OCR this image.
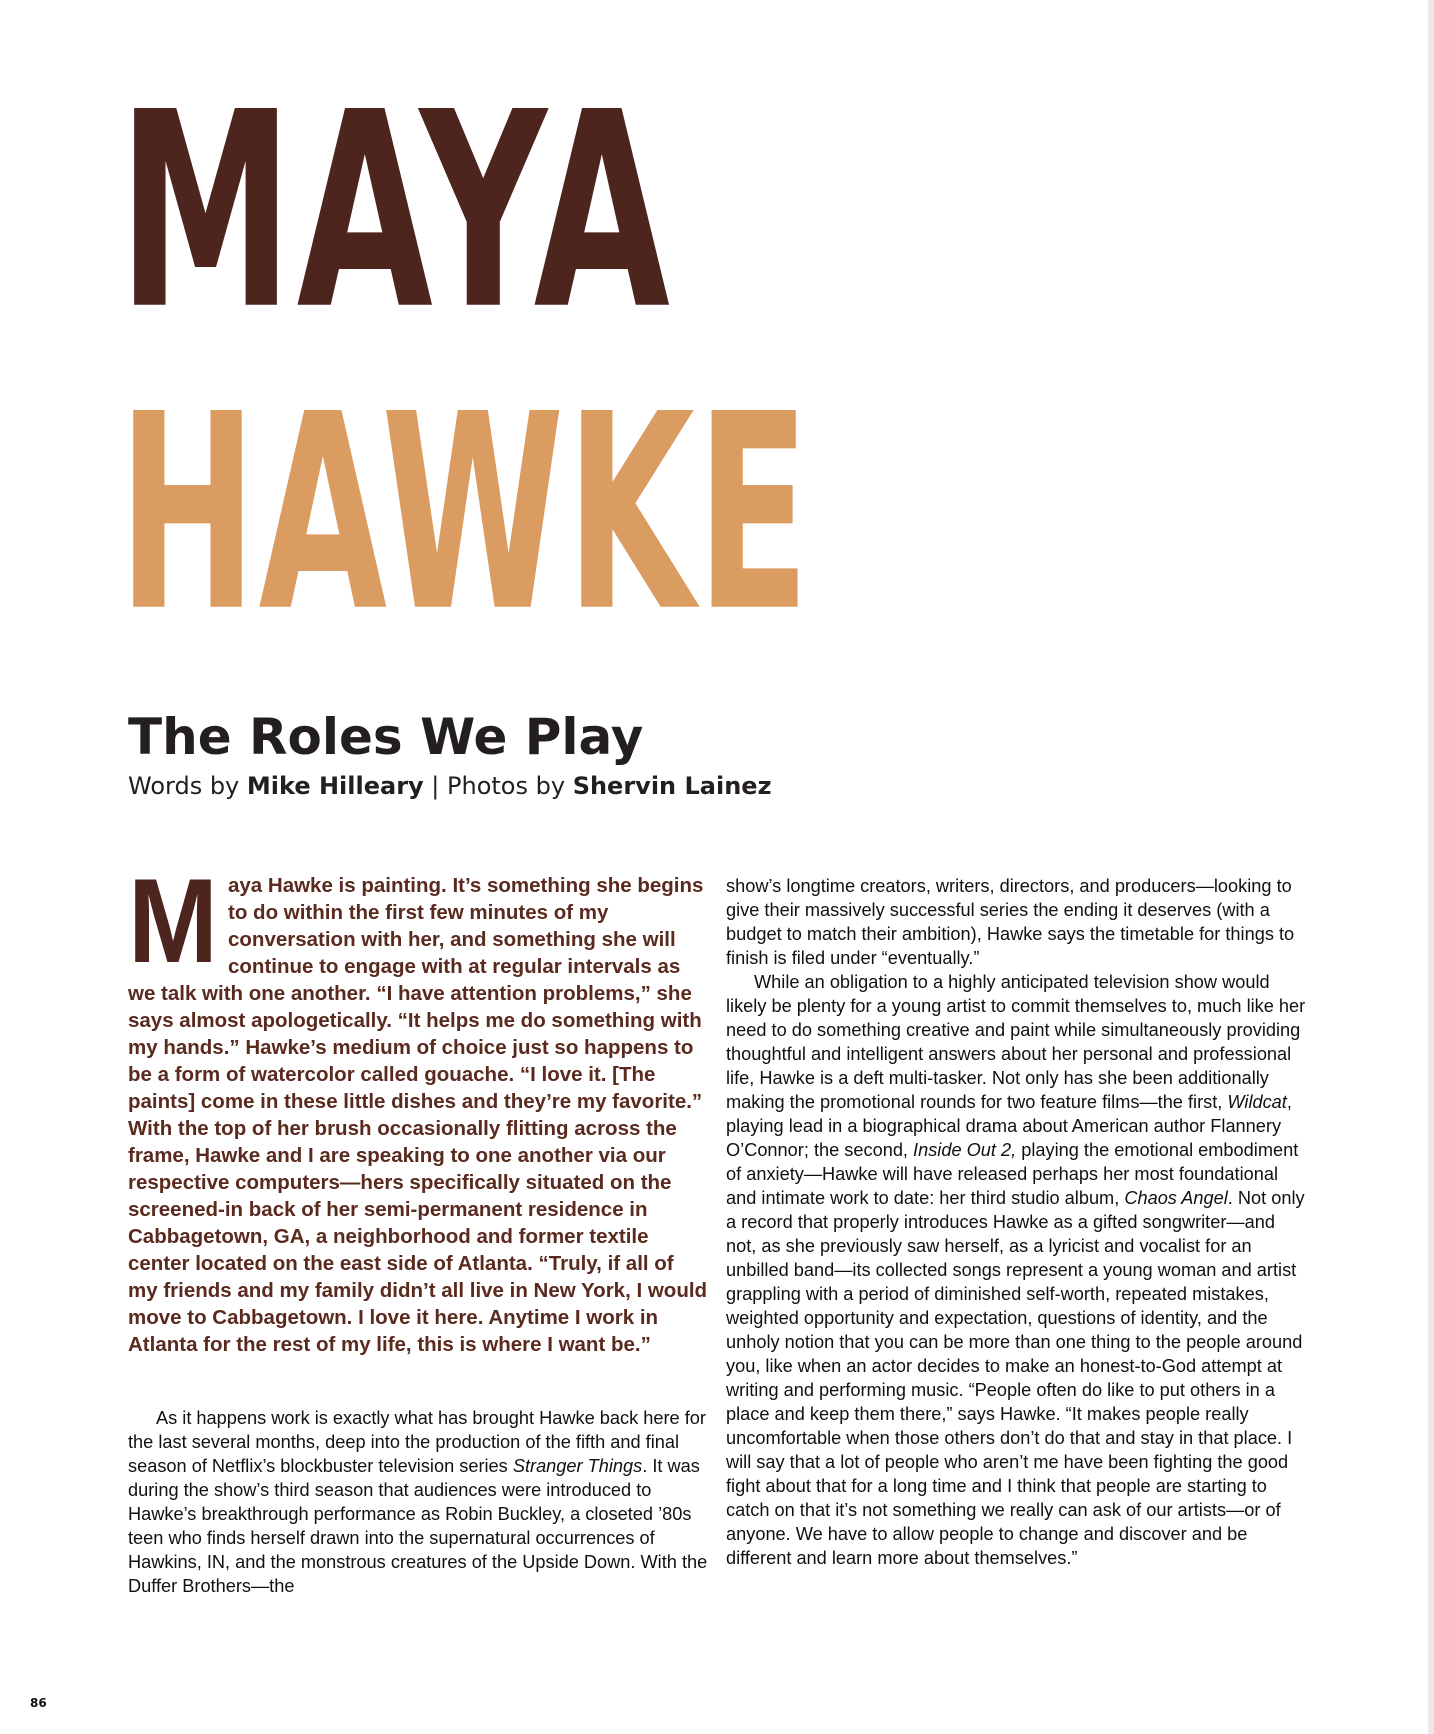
MAYA
HAWKE
The Roles We Play
Words by Mike Hilleary | Photos by Shervin Lainez

Maya Hawke is painting. It’s something she begins to do within the first few minutes of my conversation with her, and something she will continue to engage with at regular intervals as we talk with one another. “I have attention problems,” she says almost apologetically. “It helps me do something with my hands.” Hawke’s medium of choice just so happens to be a form of watercolor called gouache. “I love it. [The paints] come in these little dishes and they’re my favorite.” With the top of her brush occasionally flitting across the frame, Hawke and I are speaking to one another via our respective computers—hers specifically situated on the screened-in back of her semi-permanent residence in Cabbagetown, GA, a neighborhood and former textile center located on the east side of Atlanta. “Truly, if all of my friends and my family didn’t all live in New York, I would move to Cabbagetown. I love it here. Anytime I work in Atlanta for the rest of my life, this is where I want be.”

As it happens work is exactly what has brought Hawke back here for the last several months, deep into the production of the fifth and final season of Netflix’s blockbuster television series Stranger Things. It was during the show’s third season that audiences were introduced to Hawke’s breakthrough performance as Robin Buckley, a closeted ’80s teen who finds herself drawn into the supernatural occurrences of Hawkins, IN, and the monstrous creatures of the Upside Down. With the Duffer Brothers—the

show’s longtime creators, writers, directors, and producers—looking to give their massively successful series the ending it deserves (with a budget to match their ambition), Hawke says the timetable for things to finish is filed under “eventually.”

While an obligation to a highly anticipated television show would likely be plenty for a young artist to commit themselves to, much like her need to do something creative and paint while simultaneously providing thoughtful and intelligent answers about her personal and professional life, Hawke is a deft multi-tasker. Not only has she been additionally making the promotional rounds for two feature films—the first, Wildcat, playing lead in a biographical drama about American author Flannery O’Connor; the second, Inside Out 2, playing the emotional embodiment of anxiety—Hawke will have released perhaps her most foundational and intimate work to date: her third studio album, Chaos Angel. Not only a record that properly introduces Hawke as a gifted songwriter—and not, as she previously saw herself, as a lyricist and vocalist for an unbilled band—its collected songs represent a young woman and artist grappling with a period of diminished self-worth, repeated mistakes, weighted opportunity and expectation, questions of identity, and the unholy notion that you can be more than one thing to the people around you, like when an actor decides to make an honest-to-God attempt at writing and performing music. “People often do like to put others in a place and keep them there,” says Hawke. “It makes people really uncomfortable when those others don’t do that and stay in that place. I will say that a lot of people who aren’t me have been fighting the good fight about that for a long time and I think that people are starting to catch on that it’s not something we really can ask of our artists—or of anyone. We have to allow people to change and discover and be different and learn more about themselves.”

86
